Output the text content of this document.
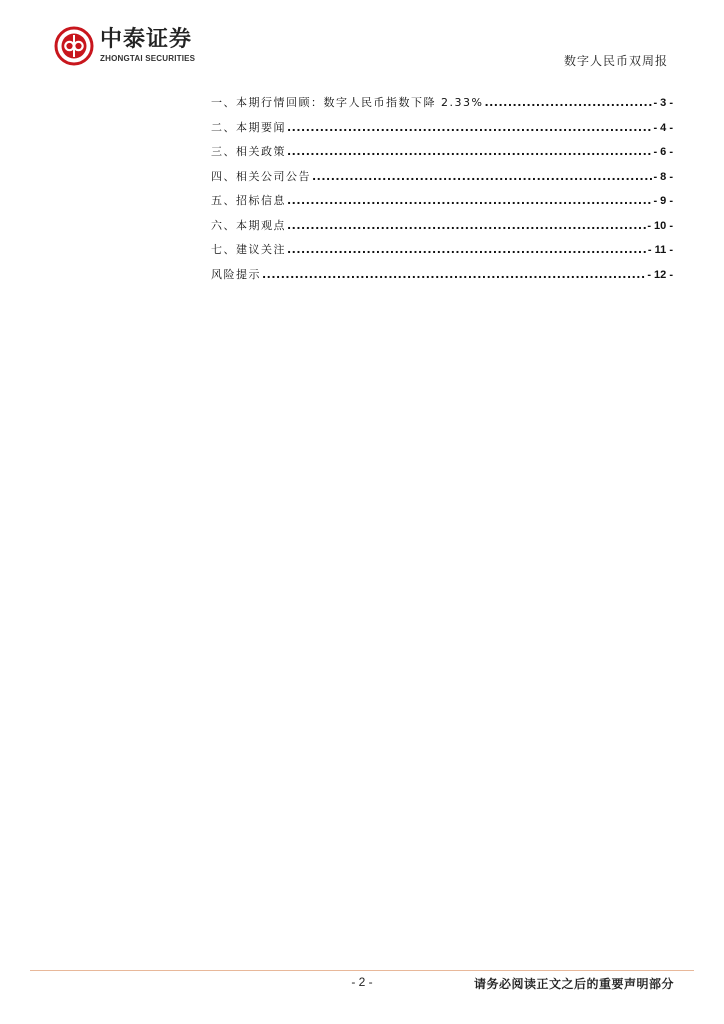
中泰证券
ZHONGTAI SECURITIES	数字人民币双周报
一、本期行情回顾：数字人民币指数下降 2.33% .....	- 3 -
二、本期要闻 .....	- 4 -
三、相关政策 .....	- 6 -
四、相关公司公告 .....	- 8 -
五、招标信息 .....	- 9 -
六、本期观点 .....	- 10 -
七、建议关注 .....	- 11 -
风险提示 .....	- 12 -
- 2 -	请务必阅读正文之后的重要声明部分
